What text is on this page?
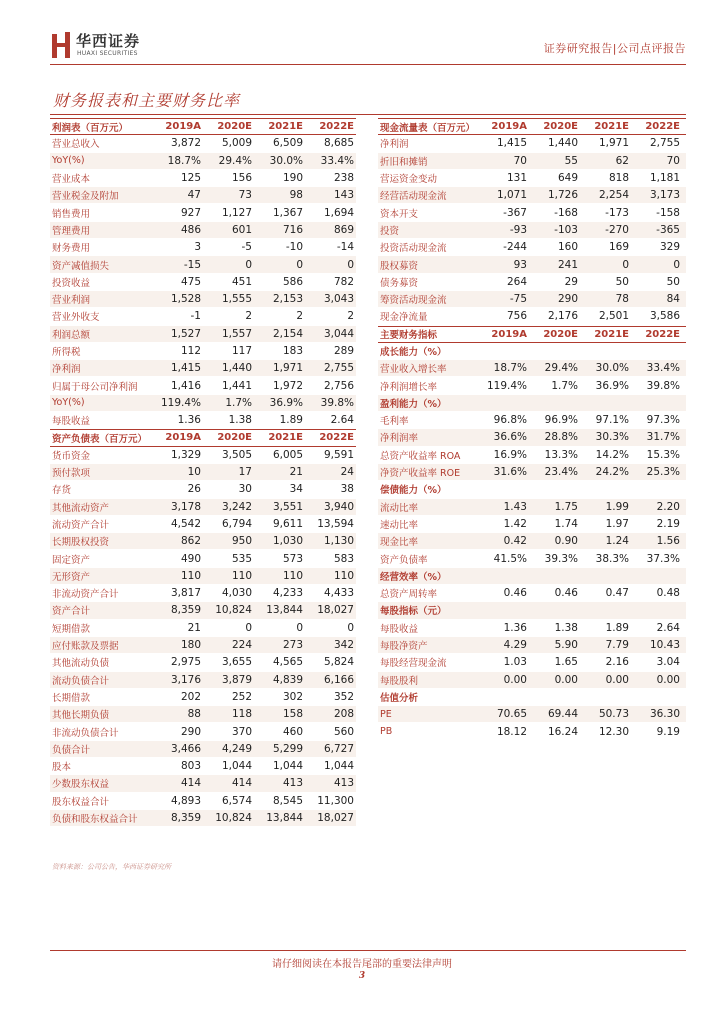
华西证券
HUAXI SECURITIES	证券研究报告|公司点评报告
财务报表和主要财务比率
利润表（百万元）	2019A	2020E	2021E	2022E
营业总收入	3,872	5,009	6,509	8,685
YoY(%)	18.7%	29.4%	30.0%	33.4%
营业成本	125	156	190	238
营业税金及附加	47	73	98	143
销售费用	927	1,127	1,367	1,694
管理费用	486	601	716	869
财务费用	3	-5	-10	-14
资产减值损失	-15	0	0	0
投资收益	475	451	586	782
营业利润	1,528	1,555	2,153	3,043
营业外收支	-1	2	2	2
利润总额	1,527	1,557	2,154	3,044
所得税	112	117	183	289
净利润	1,415	1,440	1,971	2,755
归属于母公司净利润	1,416	1,441	1,972	2,756
YoY(%)	119.4%	1.7%	36.9%	39.8%
每股收益	1.36	1.38	1.89	2.64
资产负债表（百万元）	2019A	2020E	2021E	2022E
货币资金	1,329	3,505	6,005	9,591
预付款项	10	17	21	24
存货	26	30	34	38
其他流动资产	3,178	3,242	3,551	3,940
流动资产合计	4,542	6,794	9,611	13,594
长期股权投资	862	950	1,030	1,130
固定资产	490	535	573	583
无形资产	110	110	110	110
非流动资产合计	3,817	4,030	4,233	4,433
资产合计	8,359	10,824	13,844	18,027
短期借款	21	0	0	0
应付账款及票据	180	224	273	342
其他流动负债	2,975	3,655	4,565	5,824
流动负债合计	3,176	3,879	4,839	6,166
长期借款	202	252	302	352
其他长期负债	88	118	158	208
非流动负债合计	290	370	460	560
负债合计	3,466	4,249	5,299	6,727
股本	803	1,044	1,044	1,044
少数股东权益	414	414	413	413
股东权益合计	4,893	6,574	8,545	11,300
负债和股东权益合计	8,359	10,824	13,844	18,027
现金流量表（百万元）	2019A	2020E	2021E	2022E
净利润	1,415	1,440	1,971	2,755
折旧和摊销	70	55	62	70
营运资金变动	131	649	818	1,181
经营活动现金流	1,071	1,726	2,254	3,173
资本开支	-367	-168	-173	-158
投资	-93	-103	-270	-365
投资活动现金流	-244	160	169	329
股权募资	93	241	0	0
债务募资	264	29	50	50
筹资活动现金流	-75	290	78	84
现金净流量	756	2,176	2,501	3,586
主要财务指标	2019A	2020E	2021E	2022E
成长能力（%）
营业收入增长率	18.7%	29.4%	30.0%	33.4%
净利润增长率	119.4%	1.7%	36.9%	39.8%
盈利能力（%）
毛利率	96.8%	96.9%	97.1%	97.3%
净利润率	36.6%	28.8%	30.3%	31.7%
总资产收益率 ROA	16.9%	13.3%	14.2%	15.3%
净资产收益率 ROE	31.6%	23.4%	24.2%	25.3%
偿债能力（%）
流动比率	1.43	1.75	1.99	2.20
速动比率	1.42	1.74	1.97	2.19
现金比率	0.42	0.90	1.24	1.56
资产负债率	41.5%	39.3%	38.3%	37.3%
经营效率（%）
总资产周转率	0.46	0.46	0.47	0.48
每股指标（元）
每股收益	1.36	1.38	1.89	2.64
每股净资产	4.29	5.90	7.79	10.43
每股经营现金流	1.03	1.65	2.16	3.04
每股股利	0.00	0.00	0.00	0.00
估值分析
PE	70.65	69.44	50.73	36.30
PB	18.12	16.24	12.30	9.19
资料来源：公司公告，华西证券研究所
请仔细阅读在本报告尾部的重要法律声明
3
